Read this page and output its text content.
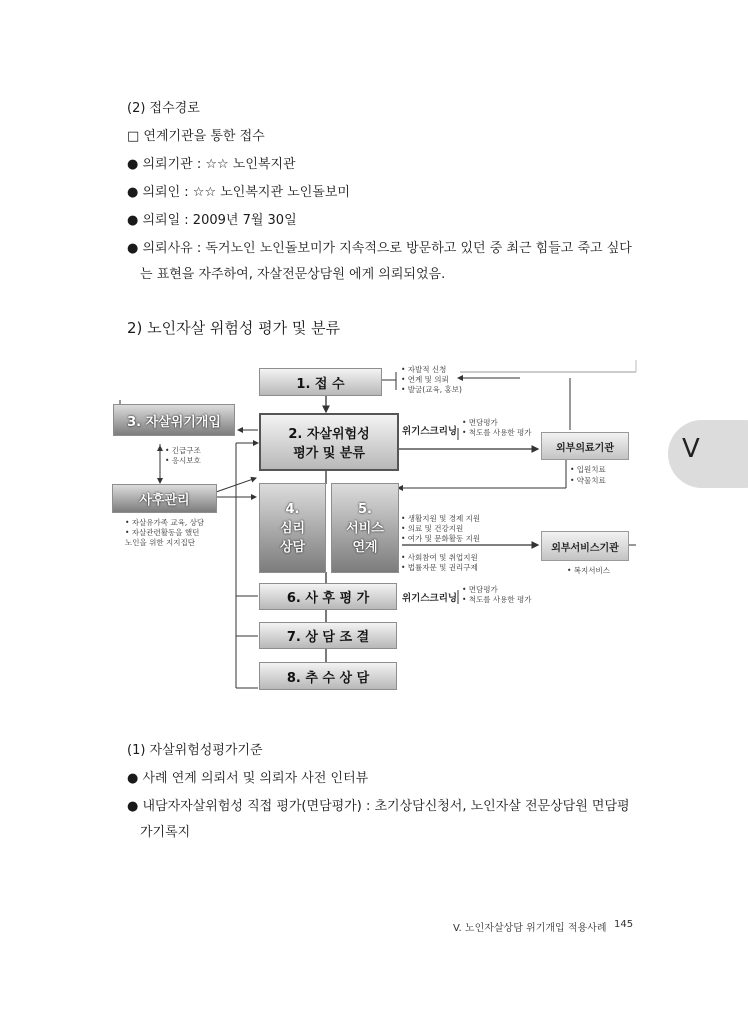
(2) 접수경로
□ 연계기관을 통한 접수
● 의뢰기관 : ☆☆ 노인복지관
● 의뢰인 : ☆☆ 노인복지관 노인돌보미
● 의뢰일 : 2009년 7월 30일
● 의뢰사유 : 독거노인 노인돌보미가 지속적으로 방문하고 있던 중 최근 힘들고 죽고 싶다
는 표현을 자주하여, 자살전문상담원 에게 의뢰되었음.
2) 노인자살 위험성 평가 및 분류
V
1. 접 수
2. 자살위험성
평가 및 분류
3. 자살위기개입
사후관리
4.
심리
상담
5.
서비스
연계
6. 사 후 평 가
7. 상 담 조 결
8. 추 수 상 담
외부의료기관
외부서비스기관
• 자발적 신청
• 연계 및 의뢰
• 발굴(교육, 홍보)
위기스크리닝
• 면담평가
• 척도를 사용한 평가
• 긴급구조
• 응시보호
• 자살유가족 교육, 상담
• 자살관련활동을 했던
노인을 위한 지지집단
• 입원치료
• 약물치료
• 생활지원 및 경제 지원
• 의료 및 건강지원
• 여가 및 문화활동 지원
• 사회참여 및 취업지원
• 법률자문 및 권리구제	• 복지서비스
위기스크리닝
• 면담평가
• 척도를 사용한 평가
(1) 자살위험성평가기준
● 사례 연계 의뢰서 및 의뢰자 사전 인터뷰
● 내담자자살위험성 직접 평가(면담평가) : 초기상담신청서, 노인자살 전문상담원 면담평
가기록지
V. 노인자살상담 위기개입 적용사례 145
